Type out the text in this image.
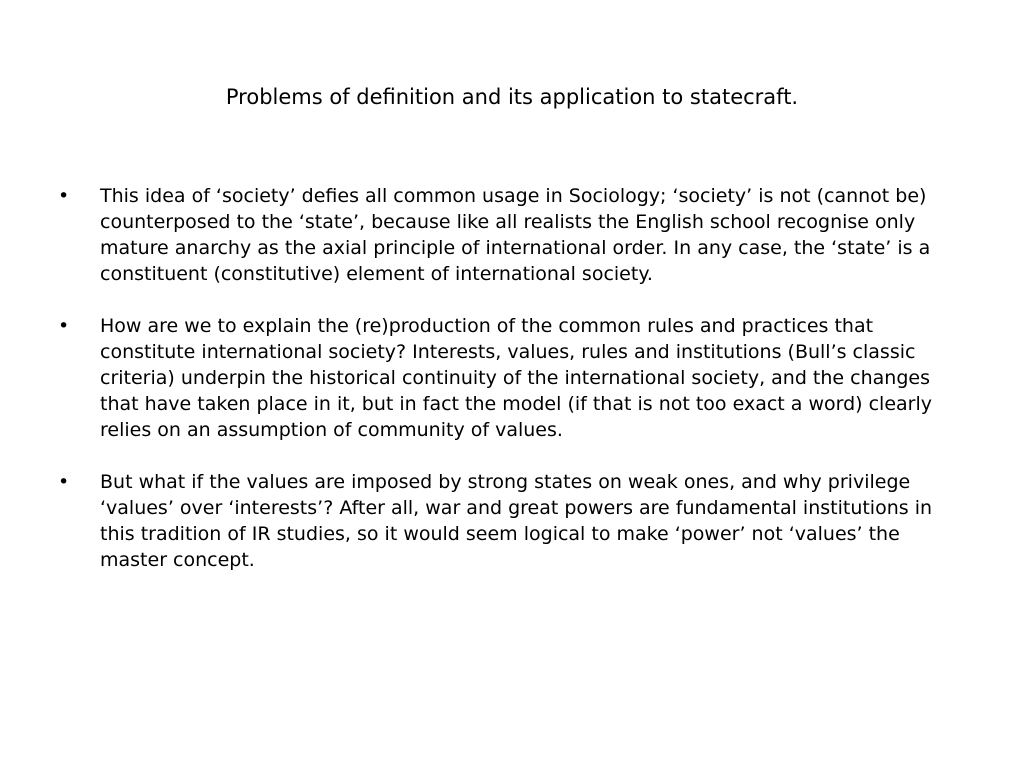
Problems of definition and its application to statecraft.
•	This idea of ‘society’ defies all common usage in Sociology; ‘society’ is not (cannot be) counterposed to the ‘state’, because like all realists the English school recognise only mature anarchy as the axial principle of international order. In any case, the ‘state’ is a constituent (constitutive) element of international society.
•	How are we to explain the (re)production of the common rules and practices that constitute international society? Interests, values, rules and institutions (Bull’s classic criteria) underpin the historical continuity of the international society, and the changes that have taken place in it, but in fact the model (if that is not too exact a word) clearly relies on an assumption of community of values.
•	But what if the values are imposed by strong states on weak ones, and why privilege ‘values’ over ‘interests’? After all, war and great powers are fundamental institutions in this tradition of IR studies, so it would seem logical to make ‘power’ not ‘values’ the master concept.
